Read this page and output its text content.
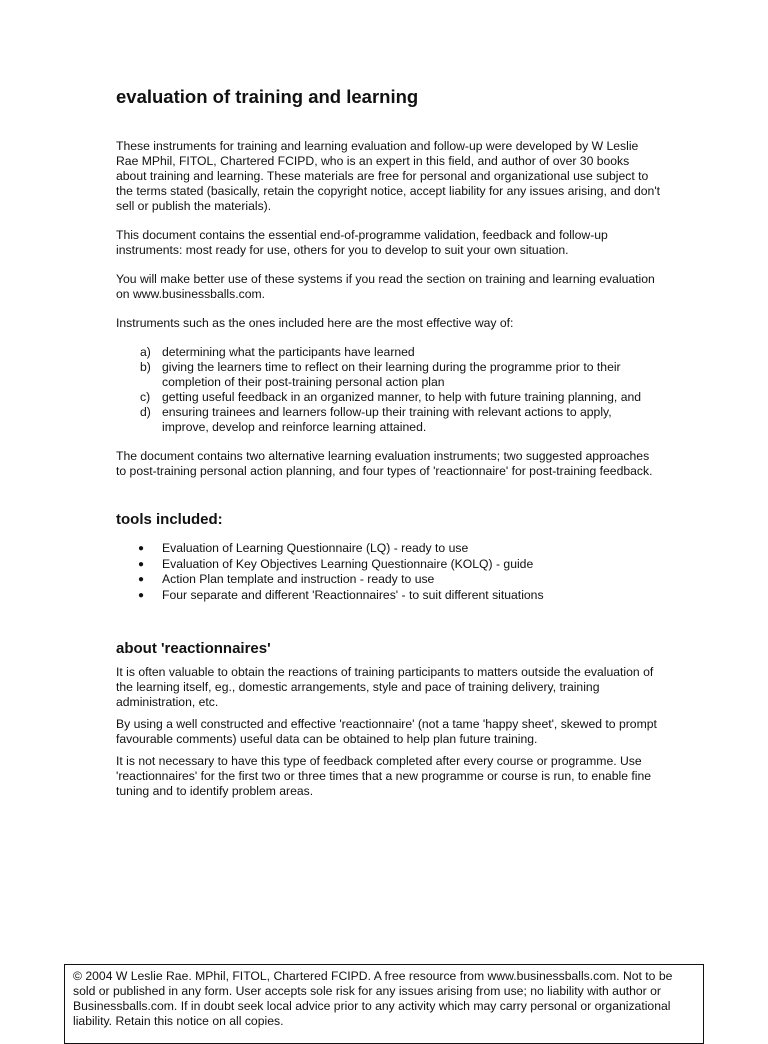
evaluation of training and learning

These instruments for training and learning evaluation and follow-up were developed by W Leslie Rae MPhil, FITOL, Chartered FCIPD, who is an expert in this field, and author of over 30 books about training and learning. These materials are free for personal and organizational use subject to the terms stated (basically, retain the copyright notice, accept liability for any issues arising, and don't sell or publish the materials).

This document contains the essential end-of-programme validation, feedback and follow-up instruments: most ready for use, others for you to develop to suit your own situation.

You will make better use of these systems if you read the section on training and learning evaluation on www.businessballs.com.

Instruments such as the ones included here are the most effective way of:

a) determining what the participants have learned
b) giving the learners time to reflect on their learning during the programme prior to their completion of their post-training personal action plan
c) getting useful feedback in an organized manner, to help with future training planning, and
d) ensuring trainees and learners follow-up their training with relevant actions to apply, improve, develop and reinforce learning attained.

The document contains two alternative learning evaluation instruments; two suggested approaches to post-training personal action planning, and four types of 'reactionnaire' for post-training feedback.

tools included:
● Evaluation of Learning Questionnaire (LQ) - ready to use
● Evaluation of Key Objectives Learning Questionnaire (KOLQ) - guide
● Action Plan template and instruction - ready to use
● Four separate and different 'Reactionnaires' - to suit different situations
about 'reactionnaires'

It is often valuable to obtain the reactions of training participants to matters outside the evaluation of the learning itself, eg., domestic arrangements, style and pace of training delivery, training administration, etc.

By using a well constructed and effective 'reactionnaire' (not a tame 'happy sheet', skewed to prompt favourable comments) useful data can be obtained to help plan future training.

It is not necessary to have this type of feedback completed after every course or programme. Use 'reactionnaires' for the first two or three times that a new programme or course is run, to enable fine tuning and to identify problem areas.

© 2004 W Leslie Rae. MPhil, FITOL, Chartered FCIPD. A free resource from www.businessballs.com. Not to be sold or published in any form. User accepts sole risk for any issues arising from use; no liability with author or Businessballs.com. If in doubt seek local advice prior to any activity which may carry personal or organizational liability. Retain this notice on all copies.
